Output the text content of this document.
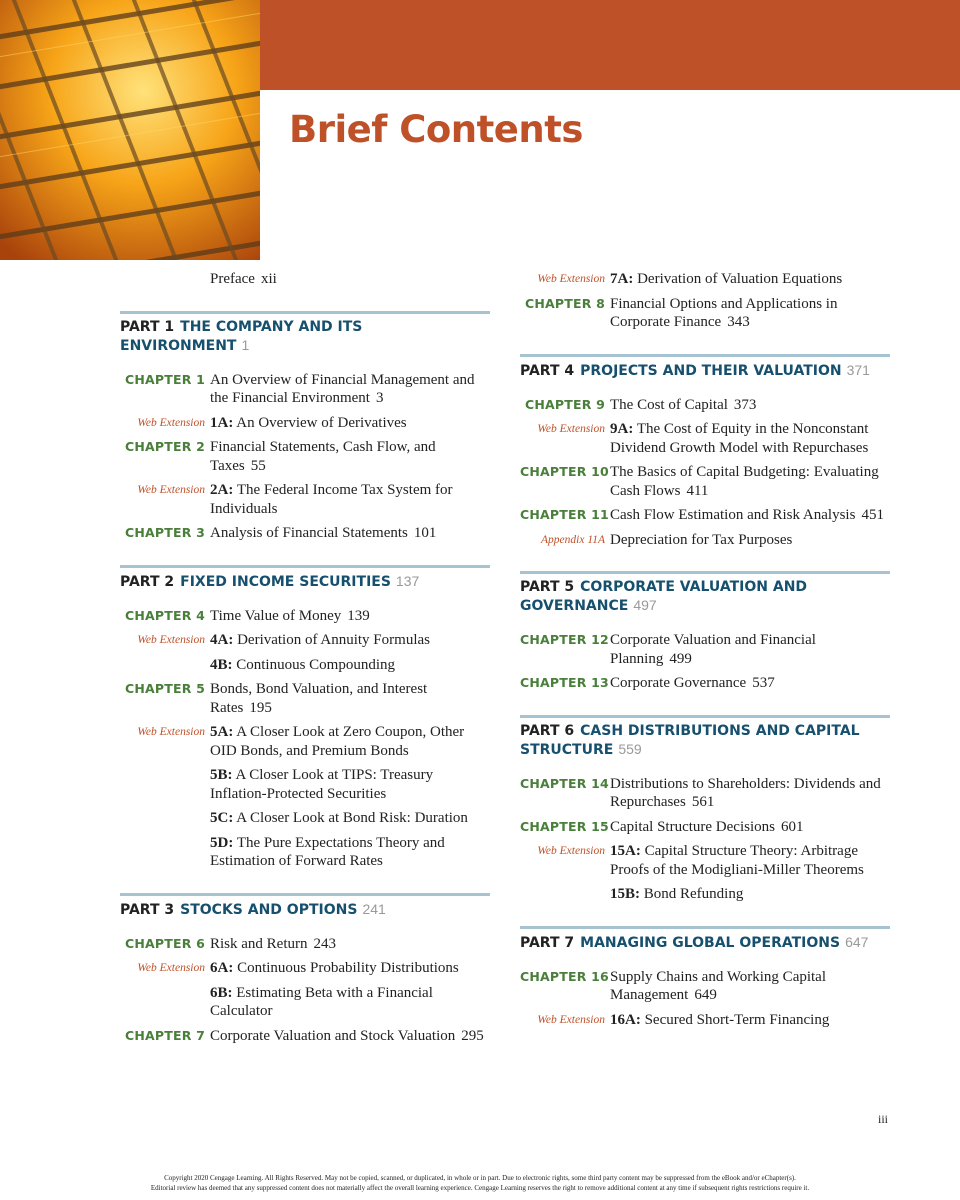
Brief Contents
Preface xii
PART 1 THE COMPANY AND ITS ENVIRONMENT 1
CHAPTER 1 An Overview of Financial Management and the Financial Environment 3
Web Extension 1A: An Overview of Derivatives
CHAPTER 2 Financial Statements, Cash Flow, and Taxes 55
Web Extension 2A: The Federal Income Tax System for Individuals
CHAPTER 3 Analysis of Financial Statements 101
PART 2 FIXED INCOME SECURITIES 137
CHAPTER 4 Time Value of Money 139
Web Extension 4A: Derivation of Annuity Formulas
4B: Continuous Compounding
CHAPTER 5 Bonds, Bond Valuation, and Interest Rates 195
Web Extension 5A: A Closer Look at Zero Coupon, Other OID Bonds, and Premium Bonds
5B: A Closer Look at TIPS: Treasury Inflation-Protected Securities
5C: A Closer Look at Bond Risk: Duration
5D: The Pure Expectations Theory and Estimation of Forward Rates
PART 3 STOCKS AND OPTIONS 241
CHAPTER 6 Risk and Return 243
Web Extension 6A: Continuous Probability Distributions
6B: Estimating Beta with a Financial Calculator
CHAPTER 7 Corporate Valuation and Stock Valuation 295
Web Extension 7A: Derivation of Valuation Equations
CHAPTER 8 Financial Options and Applications in Corporate Finance 343
PART 4 PROJECTS AND THEIR VALUATION 371
CHAPTER 9 The Cost of Capital 373
Web Extension 9A: The Cost of Equity in the Nonconstant Dividend Growth Model with Repurchases
CHAPTER 10 The Basics of Capital Budgeting: Evaluating Cash Flows 411
CHAPTER 11 Cash Flow Estimation and Risk Analysis 451
Appendix 11A Depreciation for Tax Purposes
PART 5 CORPORATE VALUATION AND GOVERNANCE 497
CHAPTER 12 Corporate Valuation and Financial Planning 499
CHAPTER 13 Corporate Governance 537
PART 6 CASH DISTRIBUTIONS AND CAPITAL STRUCTURE 559
CHAPTER 14 Distributions to Shareholders: Dividends and Repurchases 561
CHAPTER 15 Capital Structure Decisions 601
Web Extension 15A: Capital Structure Theory: Arbitrage Proofs of the Modigliani-Miller Theorems
15B: Bond Refunding
PART 7 MANAGING GLOBAL OPERATIONS 647
CHAPTER 16 Supply Chains and Working Capital Management 649
Web Extension 16A: Secured Short-Term Financing
iii
Copyright 2020 Cengage Learning. All Rights Reserved. May not be copied, scanned, or duplicated, in whole or in part. Due to electronic rights, some third party content may be suppressed from the eBook and/or eChapter(s).
Editorial review has deemed that any suppressed content does not materially affect the overall learning experience. Cengage Learning reserves the right to remove additional content at any time if subsequent rights restrictions require it.
